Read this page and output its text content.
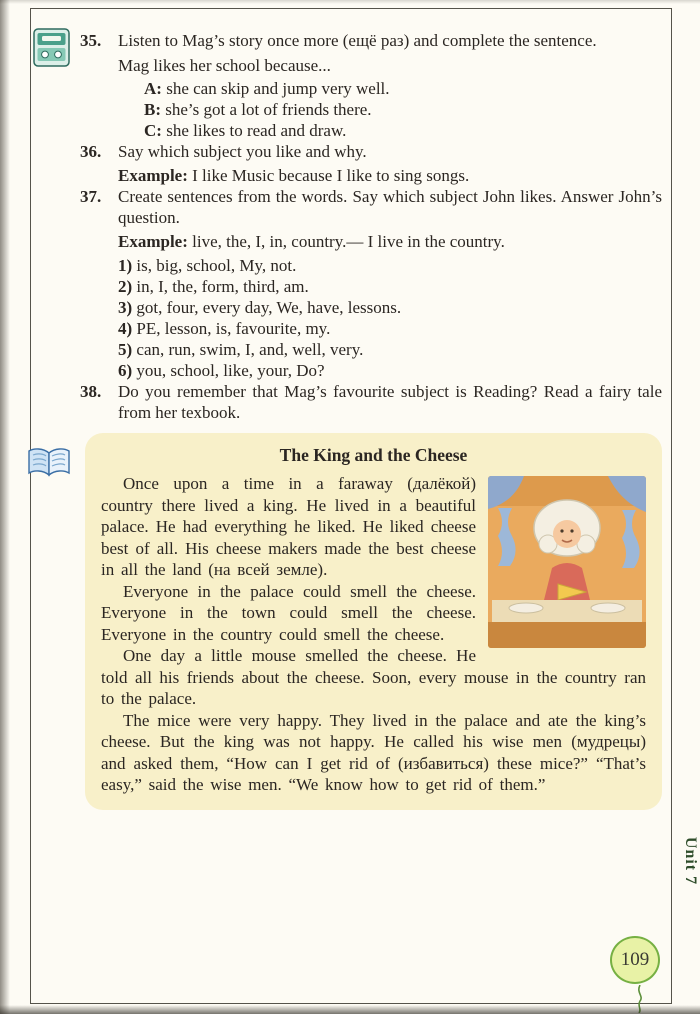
35. Listen to Mag’s story once more (ещё раз) and complete the sentence.
Mag likes her school because...
A: she can skip and jump very well.
B: she’s got a lot of friends there.
C: she likes to read and draw.
36. Say which subject you like and why.
Example: I like Music because I like to sing songs.
37. Create sentences from the words. Say which subject John likes. Answer John’s question.
Example: live, the, I, in, country.— I live in the country.
1) is, big, school, My, not.
2) in, I, the, form, third, am.
3) got, four, every day, We, have, lessons.
4) PE, lesson, is, favourite, my.
5) can, run, swim, I, and, well, very.
6) you, school, like, your, Do?
38. Do you remember that Mag’s favourite subject is Reading? Read a fairy tale from her texbook.
The King and the Cheese

Once upon a time in a faraway (далёкой) country there lived a king. He lived in a beautiful palace. He had everything he liked. He liked cheese best of all. His cheese makers made the best cheese in all the land (на всей земле).

Everyone in the palace could smell the cheese. Everyone in the town could smell the cheese. Everyone in the country could smell the cheese.

One day a little mouse smelled the cheese. He told all his friends about the cheese. Soon, every mouse in the country ran to the palace.

The mice were very happy. They lived in the palace and ate the king’s cheese. But the king was not happy. He called his wise men (мудрецы) and asked them, “How can I get rid of (избавиться) these mice?” “That’s easy,” said the wise men. “We know how to get rid of them.”

109
Unit 7
